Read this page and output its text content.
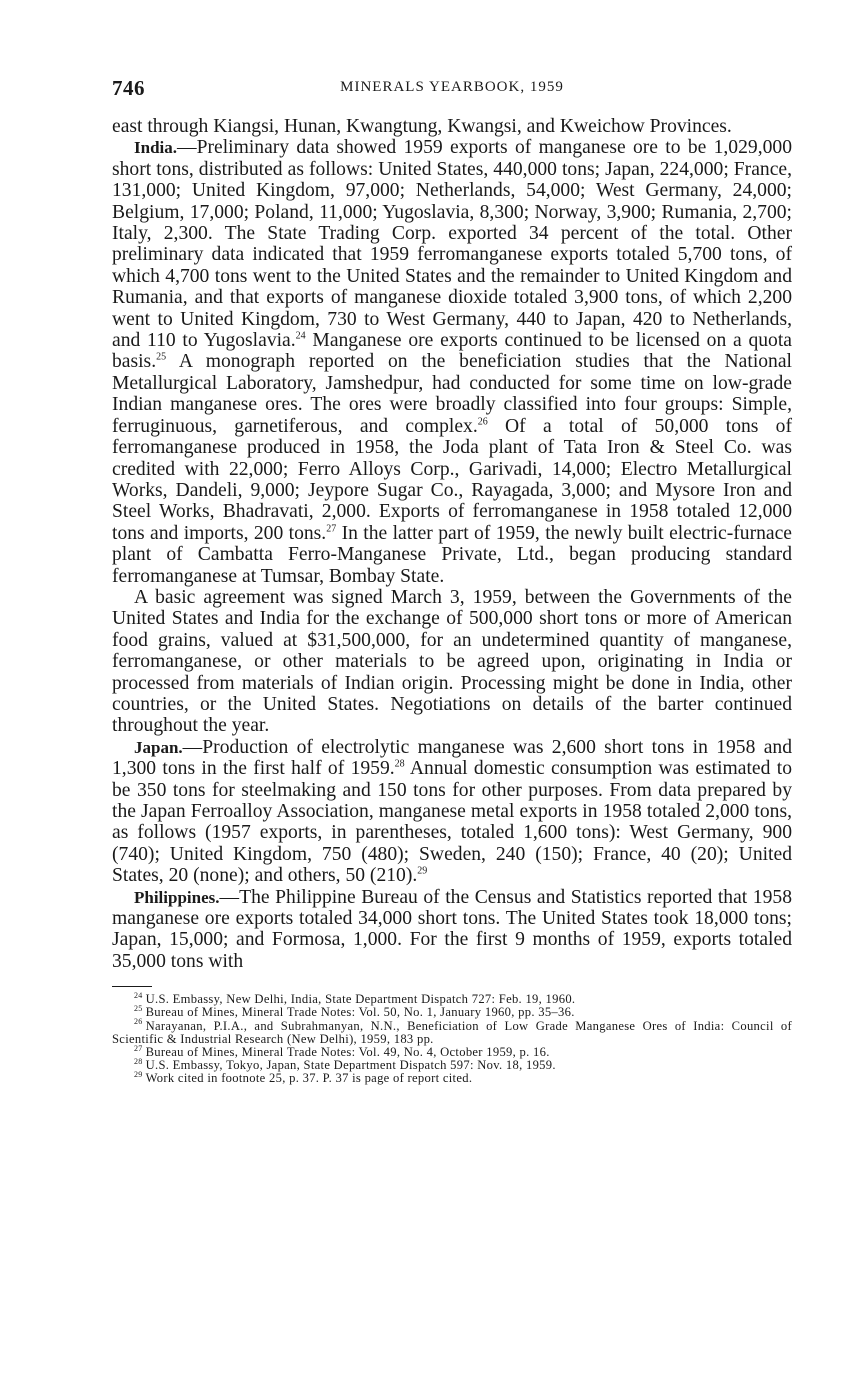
746	MINERALS YEARBOOK, 1959

east through Kiangsi, Hunan, Kwangtung, Kwangsi, and Kweichow Provinces.

India.—Preliminary data showed 1959 exports of manganese ore to be 1,029,000 short tons, distributed as follows: United States, 440,000 tons; Japan, 224,000; France, 131,000; United Kingdom, 97,000; Netherlands, 54,000; West Germany, 24,000; Belgium, 17,000; Poland, 11,000; Yugoslavia, 8,300; Norway, 3,900; Rumania, 2,700; Italy, 2,300. The State Trading Corp. exported 34 percent of the total. Other preliminary data indicated that 1959 ferromanganese exports totaled 5,700 tons, of which 4,700 tons went to the United States and the remainder to United Kingdom and Rumania, and that exports of manganese dioxide totaled 3,900 tons, of which 2,200 went to United Kingdom, 730 to West Germany, 440 to Japan, 420 to Netherlands, and 110 to Yugoslavia.$^{24}$ Manganese ore exports continued to be licensed on a quota basis.$^{25}$ A monograph reported on the beneficiation studies that the National Metallurgical Laboratory, Jamshedpur, had conducted for some time on low-grade Indian manganese ores. The ores were broadly classified into four groups: Simple, ferruginuous, garnetiferous, and complex.$^{26}$ Of a total of 50,000 tons of ferromanganese produced in 1958, the Joda plant of Tata Iron & Steel Co. was credited with 22,000; Ferro Alloys Corp., Garivadi, 14,000; Electro Metallurgical Works, Dandeli, 9,000; Jeypore Sugar Co., Rayagada, 3,000; and Mysore Iron and Steel Works, Bhadravati, 2,000. Exports of ferromanganese in 1958 totaled 12,000 tons and imports, 200 tons.$^{27}$ In the latter part of 1959, the newly built electric-furnace plant of Cambatta Ferro-Manganese Private, Ltd., began producing standard ferromanganese at Tumsar, Bombay State.

A basic agreement was signed March 3, 1959, between the Governments of the United States and India for the exchange of 500,000 short tons or more of American food grains, valued at $31,500,000, for an undetermined quantity of manganese, ferromanganese, or other materials to be agreed upon, originating in India or processed from materials of Indian origin. Processing might be done in India, other countries, or the United States. Negotiations on details of the barter continued throughout the year.

Japan.—Production of electrolytic manganese was 2,600 short tons in 1958 and 1,300 tons in the first half of 1959.28 Annual domestic consumption was estimated to be 350 tons for steelmaking and 150 tons for other purposes. From data prepared by the Japan Ferroalloy Association, manganese metal exports in 1958 totaled 2,000 tons, as follows (1957 exports, in parentheses, totaled 1,600 tons): West Germany, 900 (740); United Kingdom, 750 (480); Sweden, 240 (150); France, 40 (20); United States, 20 (none); and others, 50 (210).$^{29}$

Philippines.—The Philippine Bureau of the Census and Statistics reported that 1958 manganese ore exports totaled 34,000 short tons. The United States took 18,000 tons; Japan, 15,000; and Formosa, 1,000. For the first 9 months of 1959, exports totaled 35,000 tons with

$^{24}$ U.S. Embassy, New Delhi, India, State Department Dispatch 727: Feb. 19, 1960.

$^{25}$ Bureau of Mines, Mineral Trade Notes: Vol. 50, No. 1, January 1960, pp. 35–36.

$^{26}$ Narayanan, P.I.A., and Subrahmanyan, N.N., Beneficiation of Low Grade Manganese Ores of India: Council of Scientific & Industrial Research (New Delhi), 1959, 183 pp.

$^{27}$ Bureau of Mines, Mineral Trade Notes: Vol. 49, No. 4, October 1959, p. 16.

$^{28}$ U.S. Embassy, Tokyo, Japan, State Department Dispatch 597: Nov. 18, 1959.

$^{29}$ Work cited in footnote 25, p. 37. P. 37 is page of report cited.
